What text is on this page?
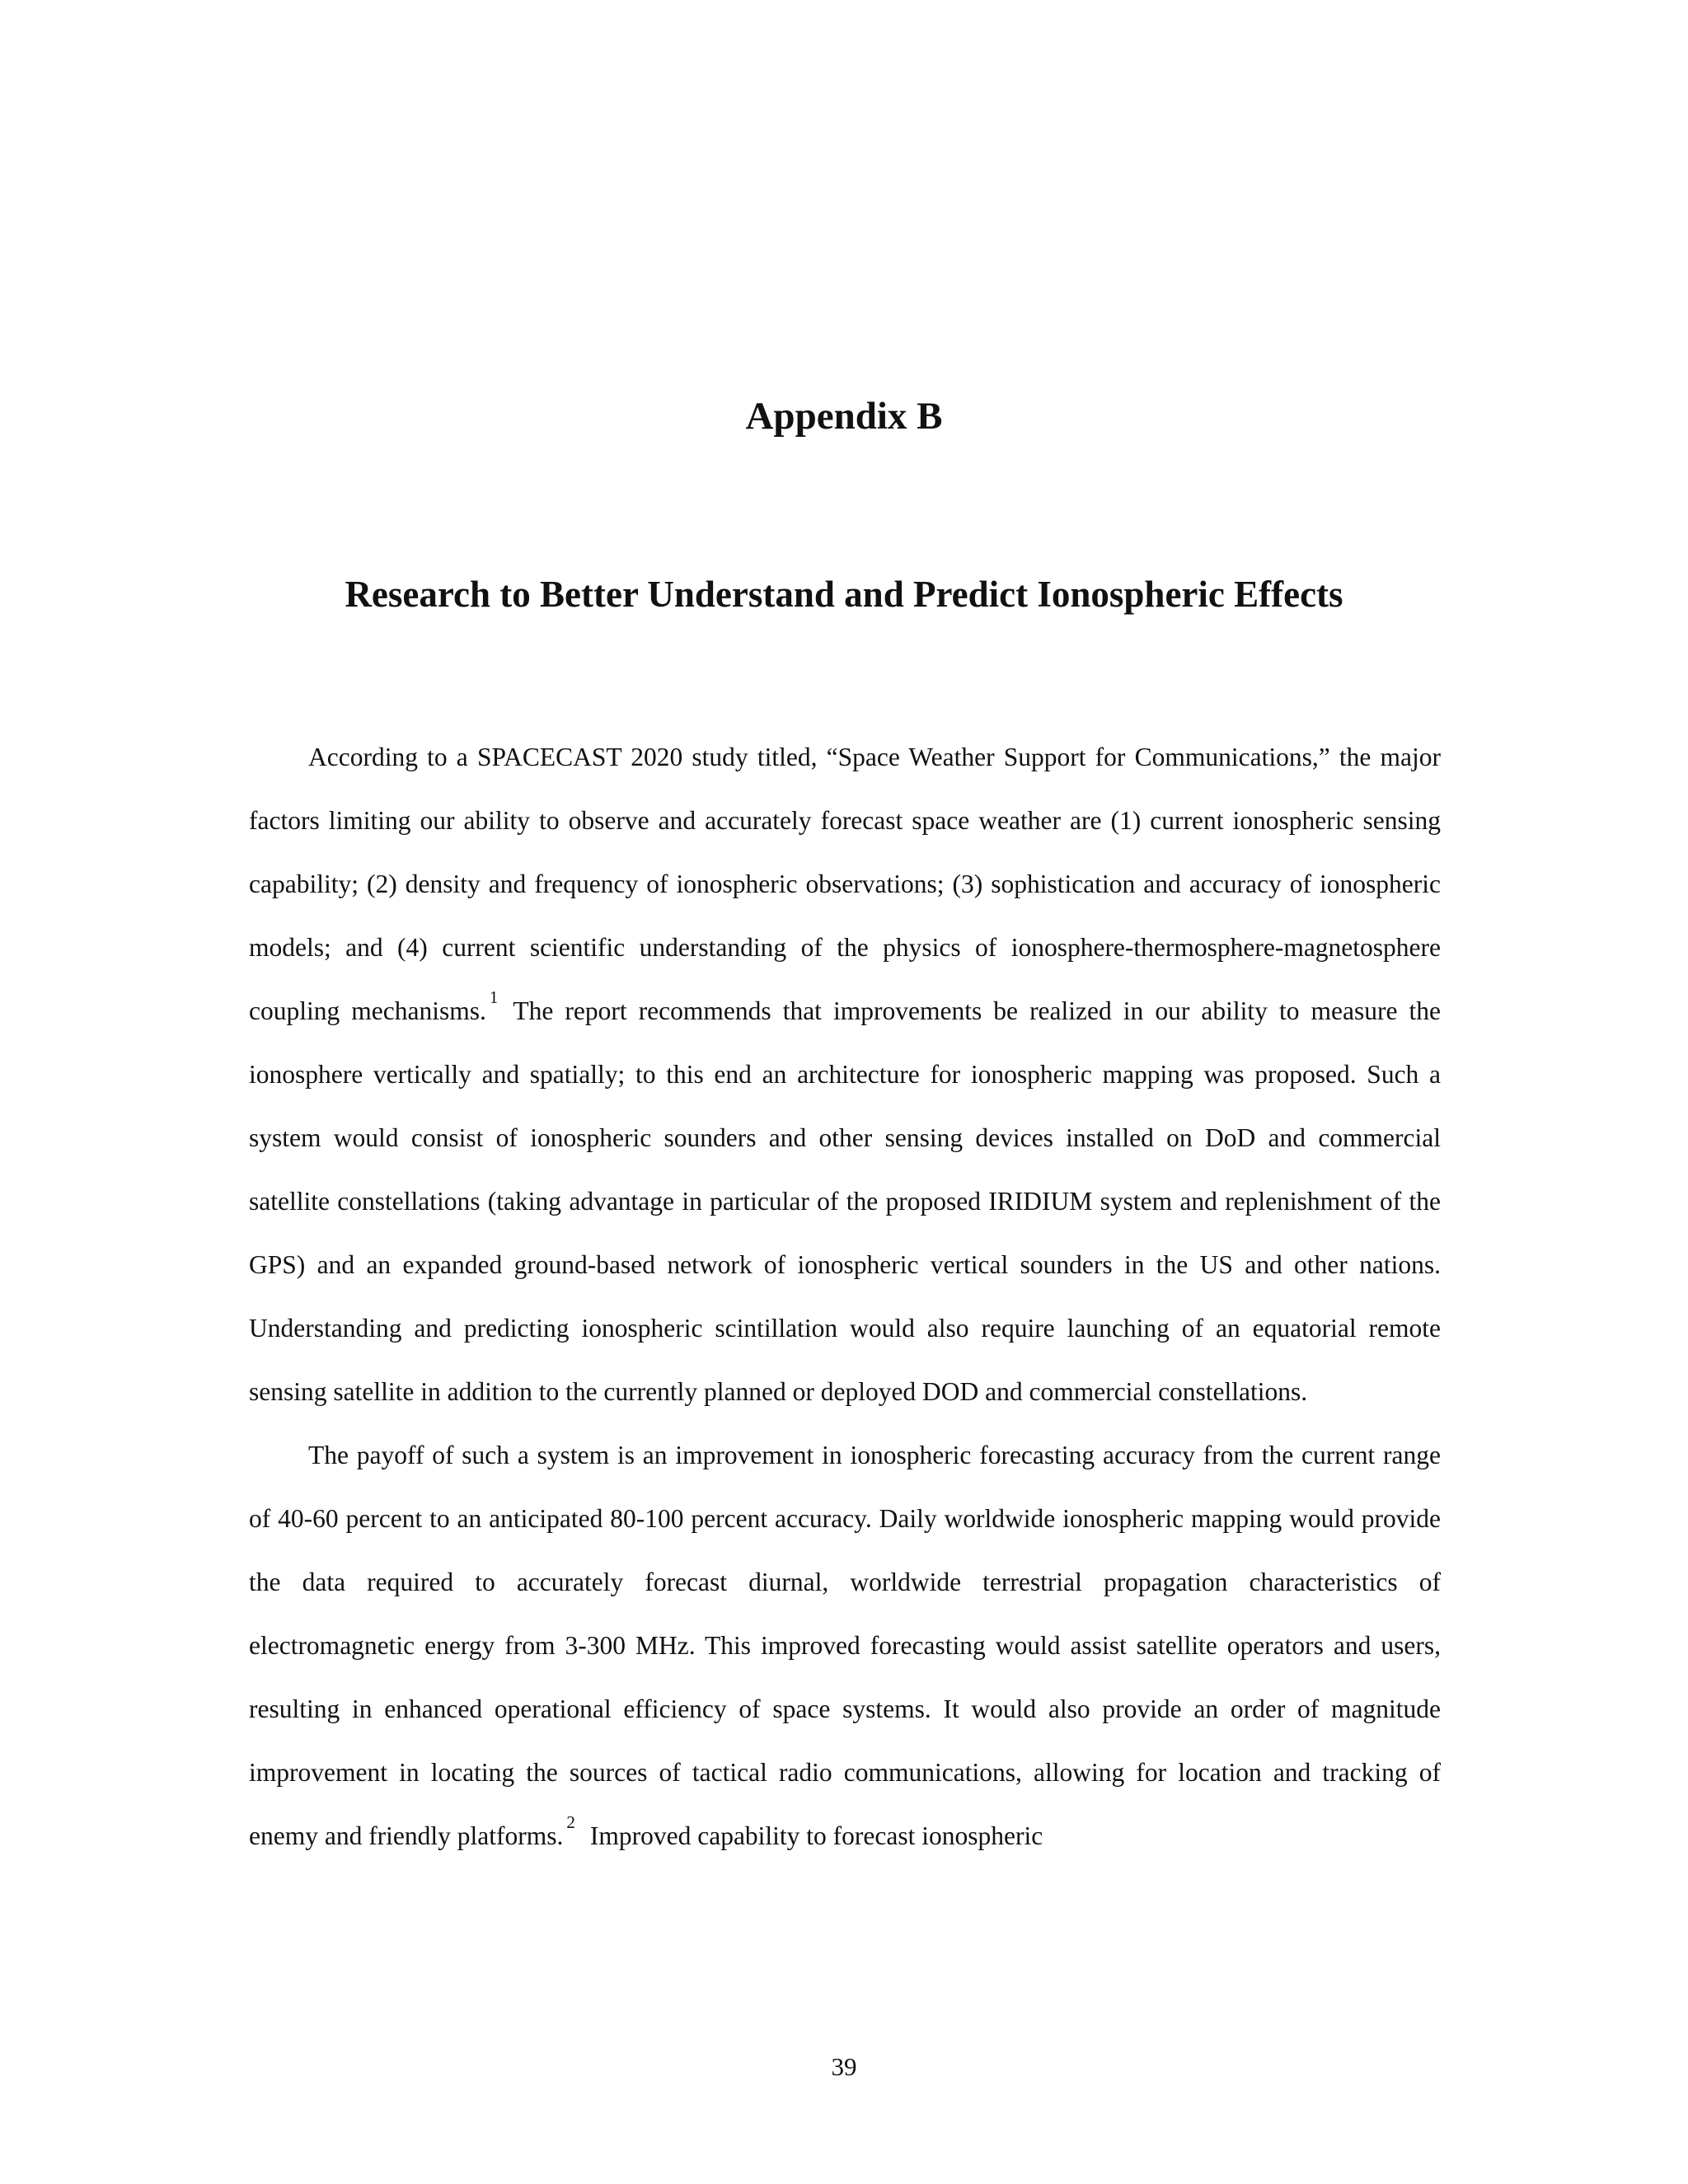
Appendix B
Research to Better Understand and Predict Ionospheric Effects

According to a SPACECAST 2020 study titled, “Space Weather Support for Communications,” the major factors limiting our ability to observe and accurately forecast space weather are (1) current ionospheric sensing capability; (2) density and frequency of ionospheric observations; (3) sophistication and accuracy of ionospheric models; and (4) current scientific understanding of the physics of ionosphere-thermosphere-magnetosphere coupling mechanisms. $^1$ The report recommends that improvements be realized in our ability to measure the ionosphere vertically and spatially; to this end an architecture for ionospheric mapping was proposed. Such a system would consist of ionospheric sounders and other sensing devices installed on DoD and commercial satellite constellations (taking advantage in particular of the proposed IRIDIUM system and replenishment of the GPS) and an expanded ground-based network of ionospheric vertical sounders in the US and other nations. Understanding and predicting ionospheric scintillation would also require launching of an equatorial remote sensing satellite in addition to the currently planned or deployed DOD and commercial constellations.

The payoff of such a system is an improvement in ionospheric forecasting accuracy from the current range of 40-60 percent to an anticipated 80-100 percent accuracy. Daily worldwide ionospheric mapping would provide the data required to accurately forecast diurnal, worldwide terrestrial propagation characteristics of electromagnetic energy from 3-300 MHz. This improved forecasting would assist satellite operators and users, resulting in enhanced operational efficiency of space systems. It would also provide an order of magnitude improvement in locating the sources of tactical radio communications, allowing for location and tracking of enemy and friendly platforms. $^2$ Improved capability to forecast ionospheric

39
